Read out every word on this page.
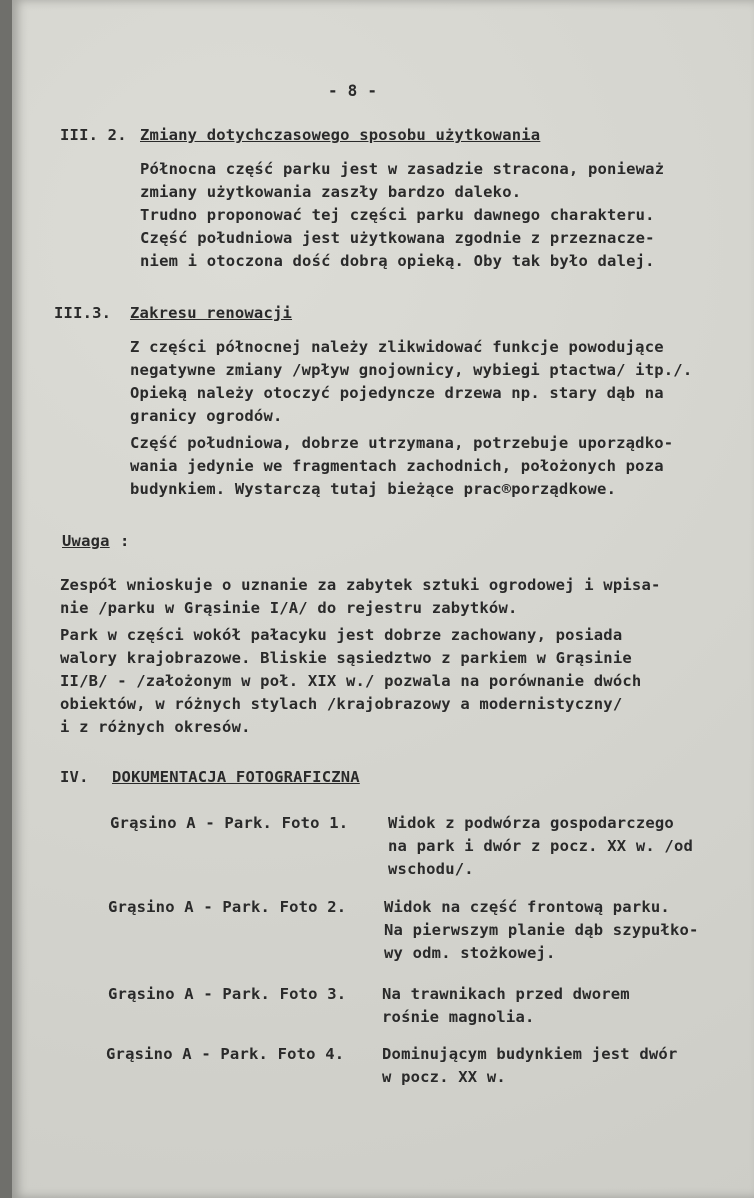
- 8 -

III. 2. Zmiany dotychczasowego sposobu użytkowania

Północna część parku jest w zasadzie stracona, ponieważ

zmiany użytkowania zaszły bardzo daleko.

Trudno proponować tej części parku dawnego charakteru.

Część południowa jest użytkowana zgodnie z przeznacze-

niem i otoczona dość dobrą opieką. Oby tak było dalej.

III.3. Zakresu renowacji

Z części północnej należy zlikwidować funkcje powodujące

negatywne zmiany /wpływ gnojownicy, wybiegi ptactwa/ itp./.

Opieką należy otoczyć pojedyncze drzewa np. stary dąb na

granicy ogrodów.

Część południowa, dobrze utrzymana, potrzebuje uporządko-

wania jedynie we fragmentach zachodnich, położonych poza

budynkiem. Wystarczą tutaj bieżące prac®porządkowe.

Uwaga :

Zespół wnioskuje o uznanie za zabytek sztuki ogrodowej i wpisa-

nie /parku w Grąsinie I/A/ do rejestru zabytków.

Park w części wokół pałacyku jest dobrze zachowany, posiada

walory krajobrazowe. Bliskie sąsiedztwo z parkiem w Grąsinie

II/B/ - /założonym w poł. XIX w./ pozwala na porównanie dwóch

obiektów, w różnych stylach /krajobrazowy a modernistyczny/

i z różnych okresów.

IV. DOKUMENTACJA FOTOGRAFICZNA

Grąsino A - Park. Foto 1.	Widok z podwórza gospodarczego

na park i dwór z pocz. XX w. /od

wschodu/.

Grąsino A - Park. Foto 2. Widok na część frontową parku.

Na pierwszym planie dąb szypułko-

wy odm. stożkowej.

Grąsino A - Park. Foto 3. Na trawnikach przed dworem

rośnie magnolia.

Grąsino A - Park. Foto 4. Dominującym budynkiem jest dwór

w pocz. XX w.
